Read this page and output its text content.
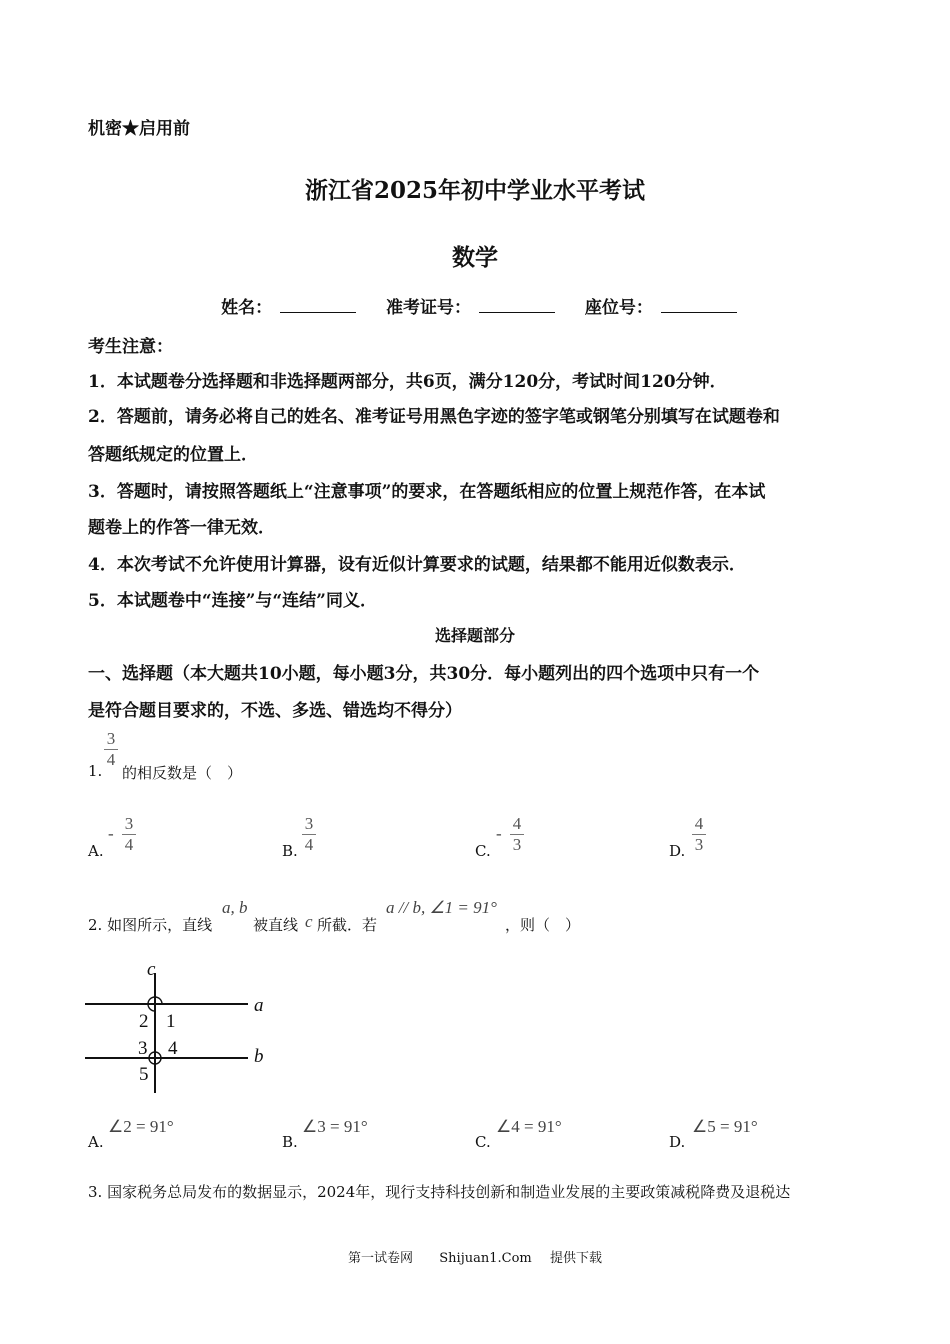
机密★启用前
浙江省2025年初中学业水平考试
数学
姓名：	准考证号：	座位号：
考生注意：
1．本试题卷分选择题和非选择题两部分，共6页，满分120分，考试时间120分钟．
2．答题前，请务必将自己的姓名、准考证号用黑色字迹的签字笔或钢笔分别填写在试题卷和
答题纸规定的位置上．
3．答题时，请按照答题纸上“注意事项”的要求，在答题纸相应的位置上规范作答，在本试
题卷上的作答一律无效．
4．本次考试不允许使用计算器，设有近似计算要求的试题，结果都不能用近似数表示．
5．本试题卷中“连接”与“连结”同义．
选择题部分
一、选择题（本大题共10小题，每小题3分，共30分．每小题列出的四个选项中只有一个
是符合题目要求的，不选、多选、错选均不得分）
1.
3
4
的相反数是（　）
A.
-
3
4	B.
3
4	C.
-
4
3	D.
4
3
2. 如图所示，直线
a, b
被直线 c 所截．若
a // b, ∠1 = 91°
，则（　）
c
a
b
1
2
3 4
5
A.
∠2 = 91°
B.
∠3 = 91°
C.
∠4 = 91°
D.
∠5 = 91°
3. 国家税务总局发布的数据显示，2024年，现行支持科技创新和制造业发展的主要政策减税降费及退税达
第一试卷网 Shijuan1.Com 提供下载
